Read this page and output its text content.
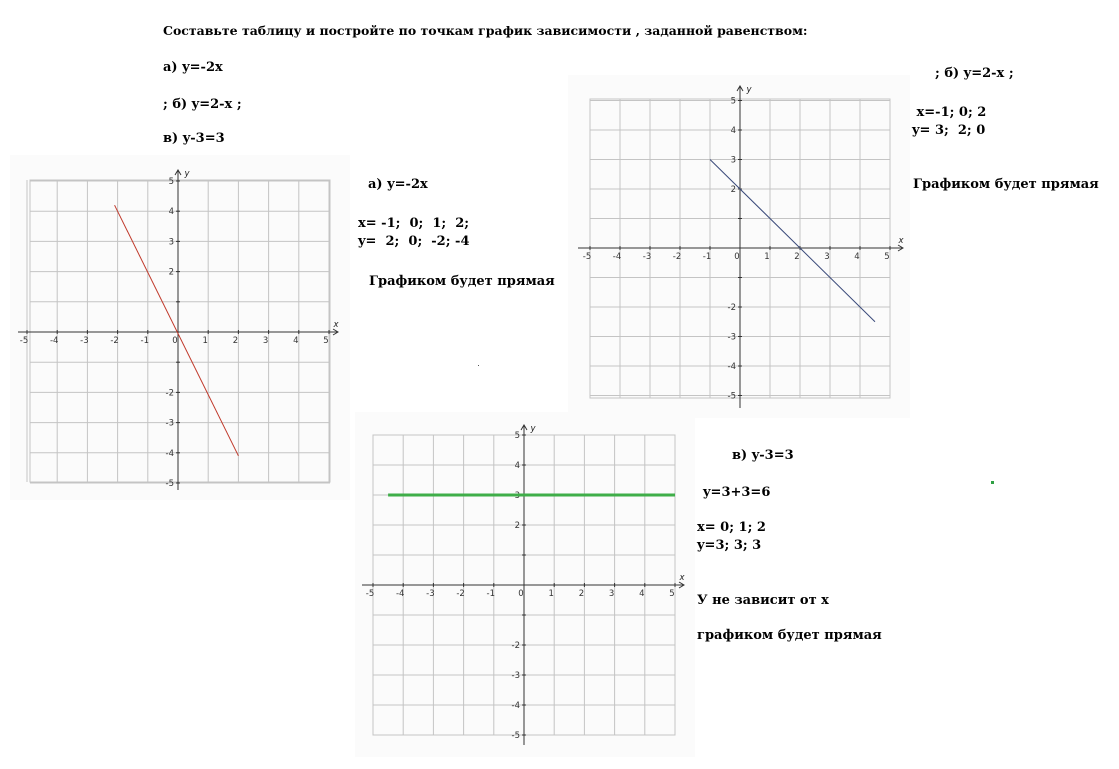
Составьте таблицу и постройте по точкам график зависимости , заданной равенством:
а) y=-2x
; б) y=2-x ;
в) y-3=3
-5	-4	-3	-2	-1	0	1	2	3	4	5
5
4
3
2
-2
-3
-4
-5
x
y
-5	-4	-3	-2	-1	0	1	2	3	4	5
5
4
3
2
-2
-3
-4
-5
x
y
-5	-4	-3	-2	-1	0	1	2	3	4	5
5
4
3
2
-2
-3
-4
-5
x
y
а) y=-2x
x= -1;  0;  1;  2;
y=  2;  0;  -2; -4
Графиком будет прямая
; б) y=2-x ;
x=-1; 0; 2
y= 3;  2; 0
Графиком будет прямая
в) y-3=3
y=3+3=6
x= 0; 1; 2
y=3; 3; 3
У не зависит от х
графиком будет прямая
